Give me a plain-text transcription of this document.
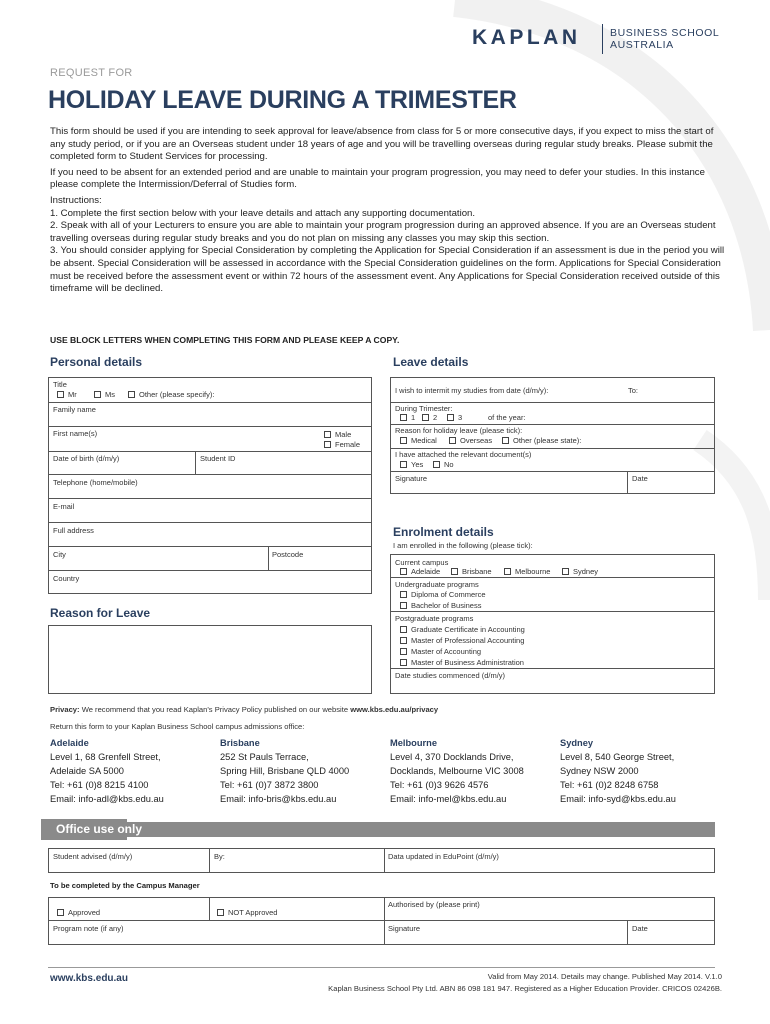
KAPLAN	BUSINESS SCHOOL
AUSTRALIA
REQUEST FOR
HOLIDAY LEAVE DURING A TRIMESTER

This form should be used if you are intending to seek approval for leave/absence from class for 5 or more consecutive days, if you expect to miss the start of any study period, or if you are an Overseas student under 18 years of age and you will be travelling overseas during regular study breaks. Please submit the completed form to Student Services for processing.

If you need to be absent for an extended period and are unable to maintain your program progression, you may need to defer your studies. In this instance please complete the Intermission/Deferral of Studies form.

Instructions:
1. Complete the first section below with your leave details and attach any supporting documentation.
2. Speak with all of your Lecturers to ensure you are able to maintain your program progression during an approved absence. If you are an Overseas student travelling overseas during regular study breaks and you do not plan on missing any classes you may skip this section.
3. You should consider applying for Special Consideration by completing the Application for Special Consideration if an assessment is due in the period you will be absent. Special Consideration will be assessed in accordance with the Special Consideration guidelines on the form. Applications for Special Consideration must be received before the assessment event or within 72 hours of the assessment event. Any Applications for Special Consideration received outside of this timeframe will be declined.
USE BLOCK LETTERS WHEN COMPLETING THIS FORM AND PLEASE KEEP A COPY.
Personal details
Title
Mr	Ms	Other (please specify):
Family name
First name(s)	Male
Female
Date of birth (d/m/y)	Student ID
Telephone (home/mobile)
E-mail
Full address
City	Postcode
Country
Leave details
I wish to intermit my studies from date (d/m/y):	To:
During Trimester:
1	2	3	of the year:
Reason for holiday leave (please tick):
Medical	Overseas	Other (please state):
I have attached the relevant document(s)
Yes	No
Signature	Date
Enrolment details
I am enrolled in the following (please tick):
Current campus
Adelaide	Brisbane	Melbourne	Sydney
Undergraduate programs
Diploma of Commerce
Bachelor of Business
Postgraduate programs
Graduate Certificate in Accounting
Master of Professional Accounting
Master of Accounting
Master of Business Administration
Date studies commenced (d/m/y)
Reason for Leave
Privacy: We recommend that you read Kaplan's Privacy Policy published on our website www.kbs.edu.au/privacy
Return this form to your Kaplan Business School campus admissions office:
Adelaide
Level 1, 68 Grenfell Street,
Adelaide SA 5000
Tel: +61 (0)8 8215 4100
Email: info-adl@kbs.edu.au
Brisbane
252 St Pauls Terrace,
Spring Hill, Brisbane QLD 4000
Tel: +61 (0)7 3872 3800
Email: info-bris@kbs.edu.au
Melbourne
Level 4, 370 Docklands Drive,
Docklands, Melbourne VIC 3008
Tel: +61 (0)3 9626 4576
Email: info-mel@kbs.edu.au
Sydney
Level 8, 540 George Street,
Sydney NSW 2000
Tel: +61 (0)2 8248 6758
Email: info-syd@kbs.edu.au
Office use only
Student advised (d/m/y)	By:	Data updated in EduPoint (d/m/y)
To be completed by the Campus Manager
Approved	NOT Approved
Authorised by (please print)
Program note (if any)	Signature	Date
www.kbs.edu.au	Valid from May 2014. Details may change. Published May 2014. V.1.0
Kaplan Business School Pty Ltd. ABN 86 098 181 947. Registered as a Higher Education Provider. CRICOS 02426B.
